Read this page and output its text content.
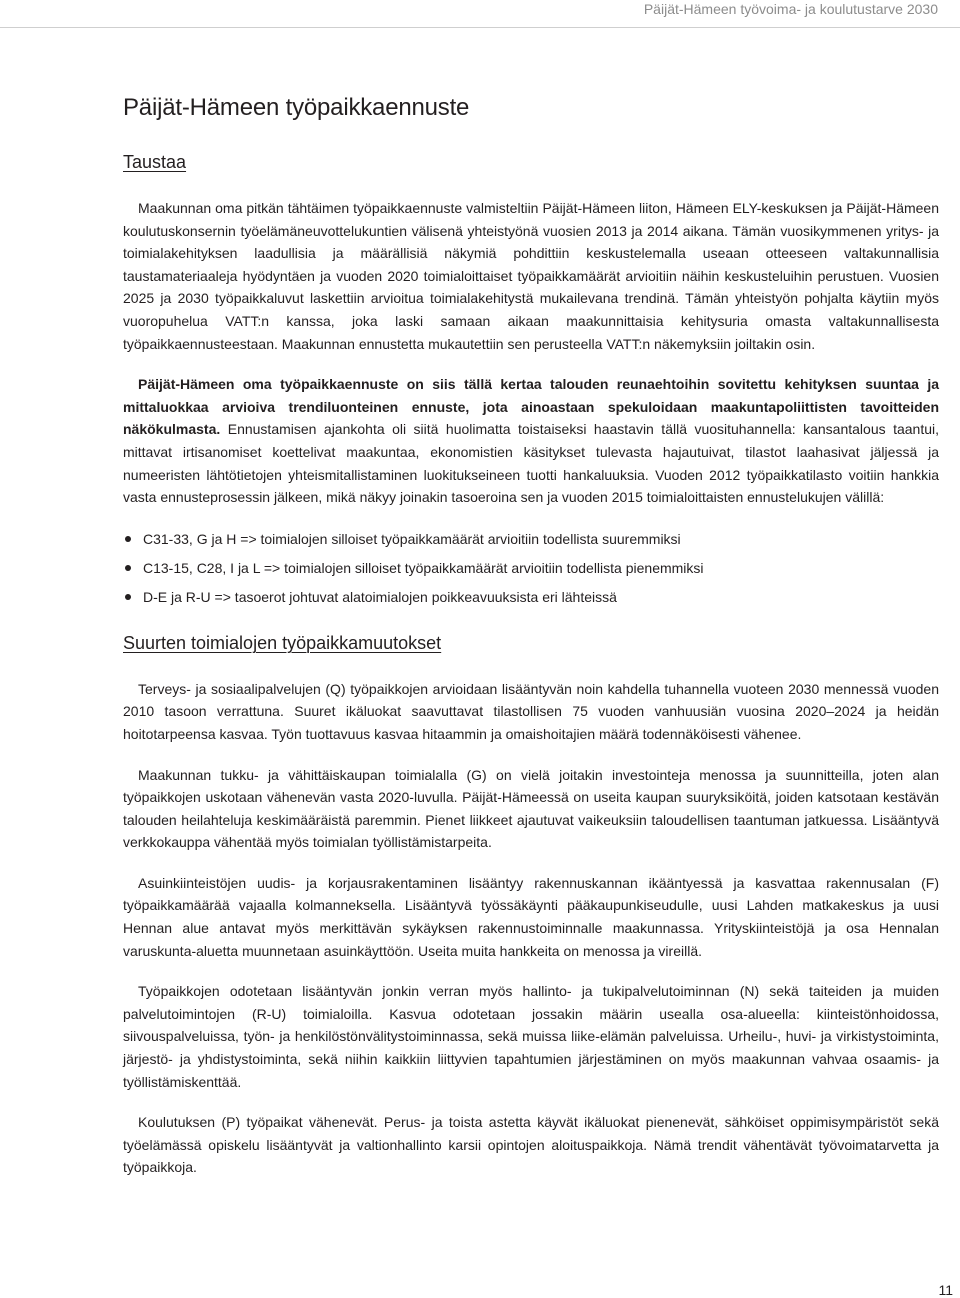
Päijät-Hämeen työvoima- ja koulutustarve 2030
Päijät-Hämeen työpaikkaennuste
Taustaa

Maakunnan oma pitkän tähtäimen työpaikkaennuste valmisteltiin Päijät-Hämeen liiton, Hämeen ELY-keskuksen ja Päijät-Hämeen koulutuskonsernin työelämäneuvottelukuntien välisenä yhteistyönä vuosien 2013 ja 2014 aikana. Tämän vuosikymmenen yritys- ja toimialakehityksen laadullisia ja määrällisiä näkymiä pohdittiin keskustelemalla useaan otteeseen valtakunnallisia taustamateriaaleja hyödyntäen ja vuoden 2020 toimialoittaiset työpaikkamäärät arvioitiin näihin keskusteluihin perustuen. Vuosien 2025 ja 2030 työpaikkaluvut laskettiin arvioitua toimialakehitystä mukailevana trendinä. Tämän yhteistyön pohjalta käytiin myös vuoropuhelua VATT:n kanssa, joka laski samaan aikaan maakunnittaisia kehitysuria omasta valtakunnallisesta työpaikkaennusteestaan. Maakunnan ennustetta mukautettiin sen perusteella VATT:n näkemyksiin joiltakin osin.

Päijät-Hämeen oma työpaikkaennuste on siis tällä kertaa talouden reunaehtoihin sovitettu kehityksen suuntaa ja mittaluokkaa arvioiva trendiluonteinen ennuste, jota ainoastaan spekuloidaan maakuntapoliittisten tavoitteiden näkökulmasta. Ennustamisen ajankohta oli siitä huolimatta toistaiseksi haastavin tällä vuosituhannella: kansantalous taantui, mittavat irtisanomiset koettelivat maakuntaa, ekonomistien käsitykset tulevasta hajautuivat, tilastot laahasivat jäljessä ja numeeristen lähtötietojen yhteismitallistaminen luokitukseineen tuotti hankaluuksia. Vuoden 2012 työpaikkatilasto voitiin hankkia vasta ennusteprosessin jälkeen, mikä näkyy joinakin tasoeroina sen ja vuoden 2015 toimialoittaisten ennustelukujen välillä:

C31-33, G ja H => toimialojen silloiset työpaikkamäärät arvioitiin todellista suuremmiksi
C13-15, C28, I ja L => toimialojen silloiset työpaikkamäärät arvioitiin todellista pienemmiksi
D-E ja R-U => tasoerot johtuvat alatoimialojen poikkeavuuksista eri lähteissä
Suurten toimialojen työpaikkamuutokset

Terveys- ja sosiaalipalvelujen (Q) työpaikkojen arvioidaan lisääntyvän noin kahdella tuhannella vuoteen 2030 mennessä vuoden 2010 tasoon verrattuna. Suuret ikäluokat saavuttavat tilastollisen 75 vuoden vanhuusiän vuosina 2020–2024 ja heidän hoitotarpeensa kasvaa. Työn tuottavuus kasvaa hitaammin ja omaishoitajien määrä todennäköisesti vähenee.

Maakunnan tukku- ja vähittäiskaupan toimialalla (G) on vielä joitakin investointeja menossa ja suunnitteilla, joten alan työpaikkojen uskotaan vähenevän vasta 2020-luvulla. Päijät-Hämeessä on useita kaupan suuryksiköitä, joiden katsotaan kestävän talouden heilahteluja keskimääräistä paremmin. Pienet liikkeet ajautuvat vaikeuksiin taloudellisen taantuman jatkuessa. Lisääntyvä verkkokauppa vähentää myös toimialan työllistämistarpeita.

Asuinkiinteistöjen uudis- ja korjausrakentaminen lisääntyy rakennuskannan ikääntyessä ja kasvattaa rakennusalan (F) työpaikkamäärää vajaalla kolmanneksella. Lisääntyvä työssäkäynti pääkaupunkiseudulle, uusi Lahden matkakeskus ja uusi Hennan alue antavat myös merkittävän sykäyksen rakennustoiminnalle maakunnassa. Yrityskiinteistöjä ja osa Hennalan varuskunta-aluetta muunnetaan asuinkäyttöön. Useita muita hankkeita on menossa ja vireillä.

Työpaikkojen odotetaan lisääntyvän jonkin verran myös hallinto- ja tukipalvelutoiminnan (N) sekä taiteiden ja muiden palvelutoimintojen (R-U) toimialoilla. Kasvua odotetaan jossakin määrin usealla osa-alueella: kiinteistönhoidossa, siivouspalveluissa, työn- ja henkilöstönvälitystoiminnassa, sekä muissa liike-elämän palveluissa. Urheilu-, huvi- ja virkistystoiminta, järjestö- ja yhdistystoiminta, sekä niihin kaikkiin liittyvien tapahtumien järjestäminen on myös maakunnan vahvaa osaamis- ja työllistämiskenttää.

Koulutuksen (P) työpaikat vähenevät. Perus- ja toista astetta käyvät ikäluokat pienenevät, sähköiset oppimisympäristöt sekä työelämässä opiskelu lisääntyvät ja valtionhallinto karsii opintojen aloituspaikkoja. Nämä trendit vähentävät työvoimatarvetta ja työpaikkoja.

11
